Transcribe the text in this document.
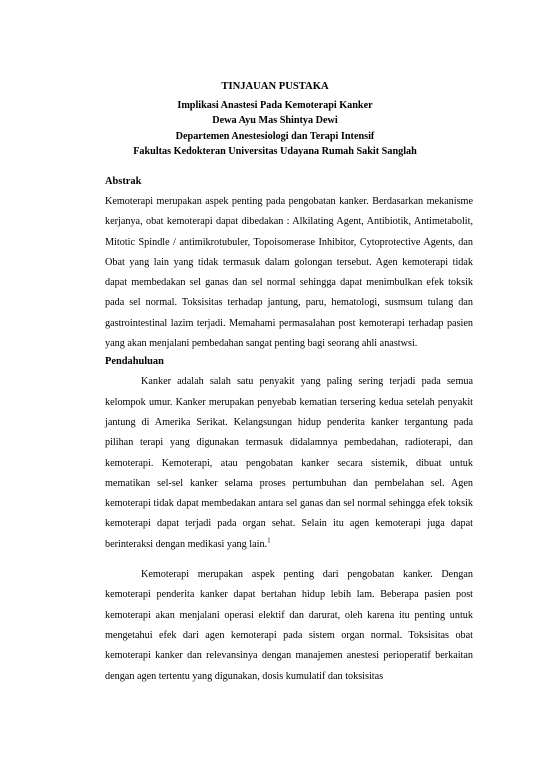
TINJAUAN PUSTAKA
Implikasi Anastesi Pada Kemoterapi Kanker
Dewa Ayu Mas Shintya Dewi
Departemen Anestesiologi dan Terapi Intensif
Fakultas Kedokteran Universitas Udayana Rumah Sakit Sanglah
Abstrak

Kemoterapi merupakan aspek penting pada pengobatan kanker. Berdasarkan mekanisme kerjanya, obat kemoterapi dapat dibedakan : Alkilating Agent, Antibiotik, Antimetabolit, Mitotic Spindle / antimikrotubuler, Topoisomerase Inhibitor, Cytoprotective Agents, dan Obat yang lain yang tidak termasuk dalam golongan tersebut. Agen kemoterapi tidak dapat membedakan sel ganas dan sel normal sehingga dapat menimbulkan efek toksik pada sel normal. Toksisitas terhadap jantung, paru, hematologi, susmsum tulang dan gastrointestinal lazim terjadi. Memahami permasalahan post kemoterapi terhadap pasien yang akan menjalani pembedahan sangat penting bagi seorang ahli anastwsi.

Pendahuluan

Kanker adalah salah satu penyakit yang paling sering terjadi pada semua kelompok umur. Kanker merupakan penyebab kematian tersering kedua setelah penyakit jantung di Amerika Serikat. Kelangsungan hidup penderita kanker tergantung pada pilihan terapi yang digunakan termasuk didalamnya pembedahan, radioterapi, dan kemoterapi. Kemoterapi, atau pengobatan kanker secara sistemik, dibuat untuk mematikan sel-sel kanker selama proses pertumbuhan dan pembelahan sel. Agen kemoterapi tidak dapat membedakan antara sel ganas dan sel normal sehingga efek toksik kemoterapi dapat terjadi pada organ sehat. Selain itu agen kemoterapi juga dapat berinteraksi dengan medikasi yang lain.$^1$

Kemoterapi merupakan aspek penting dari pengobatan kanker. Dengan kemoterapi penderita kanker dapat bertahan hidup lebih lam. Beberapa pasien post kemoterapi akan menjalani operasi elektif dan darurat, oleh karena itu penting untuk mengetahui efek dari agen kemoterapi pada sistem organ normal. Toksisitas obat kemoterapi kanker dan relevansinya dengan manajemen anestesi perioperatif berkaitan dengan agen tertentu yang digunakan, dosis kumulatif dan toksisitas
